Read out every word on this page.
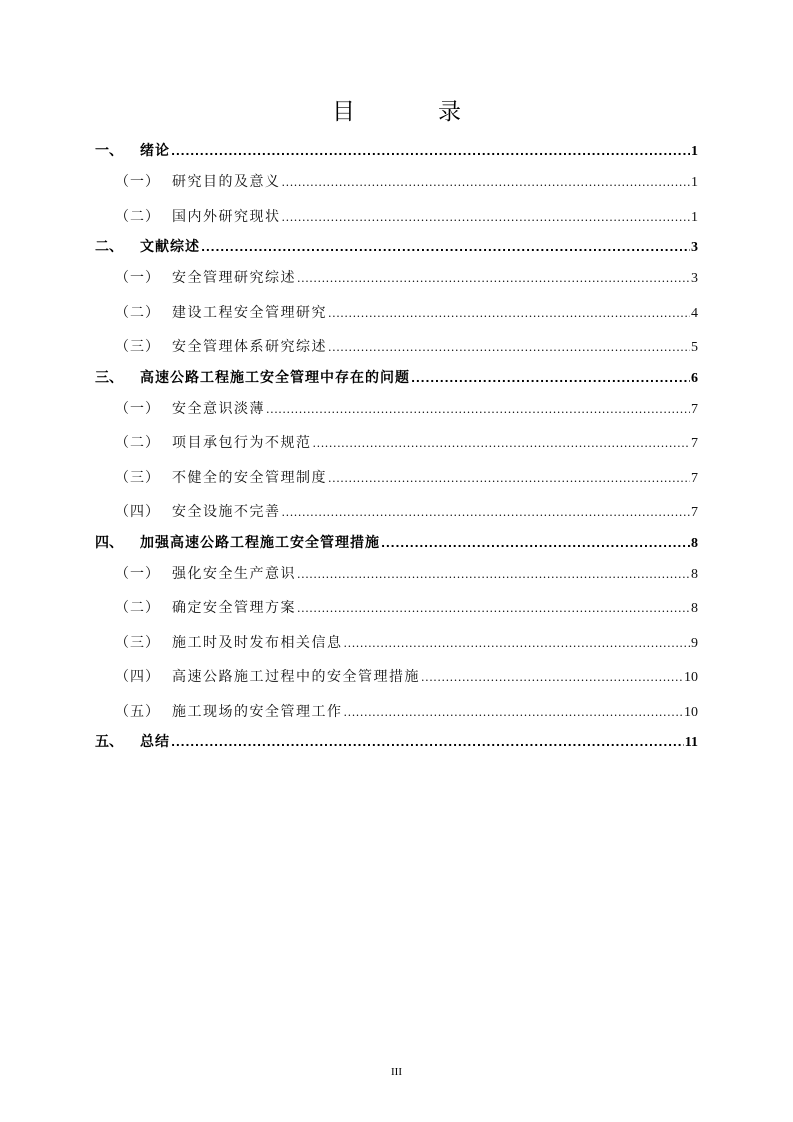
目　录
一、	绪论 .....	1
（一） 研究目的及意义 .....	1
（二） 国内外研究现状 .....	1
二、	文献综述 .....	3
（一） 安全管理研究综述 .....	3
（二） 建设工程安全管理研究 .....	4
（三） 安全管理体系研究综述 .....	5
三、	高速公路工程施工安全管理中存在的问题 .....	6
（一） 安全意识淡薄 .....	7
（二） 项目承包行为不规范 .....	7
（三） 不健全的安全管理制度 .....	7
（四） 安全设施不完善 .....	7
四、	加强高速公路工程施工安全管理措施 .....	8
（一） 强化安全生产意识 .....	8
（二） 确定安全管理方案 .....	8
（三） 施工时及时发布相关信息 .....	9
（四） 高速公路施工过程中的安全管理措施 .....	10
（五） 施工现场的安全管理工作 .....	10
五、	总结 .....	11
III
